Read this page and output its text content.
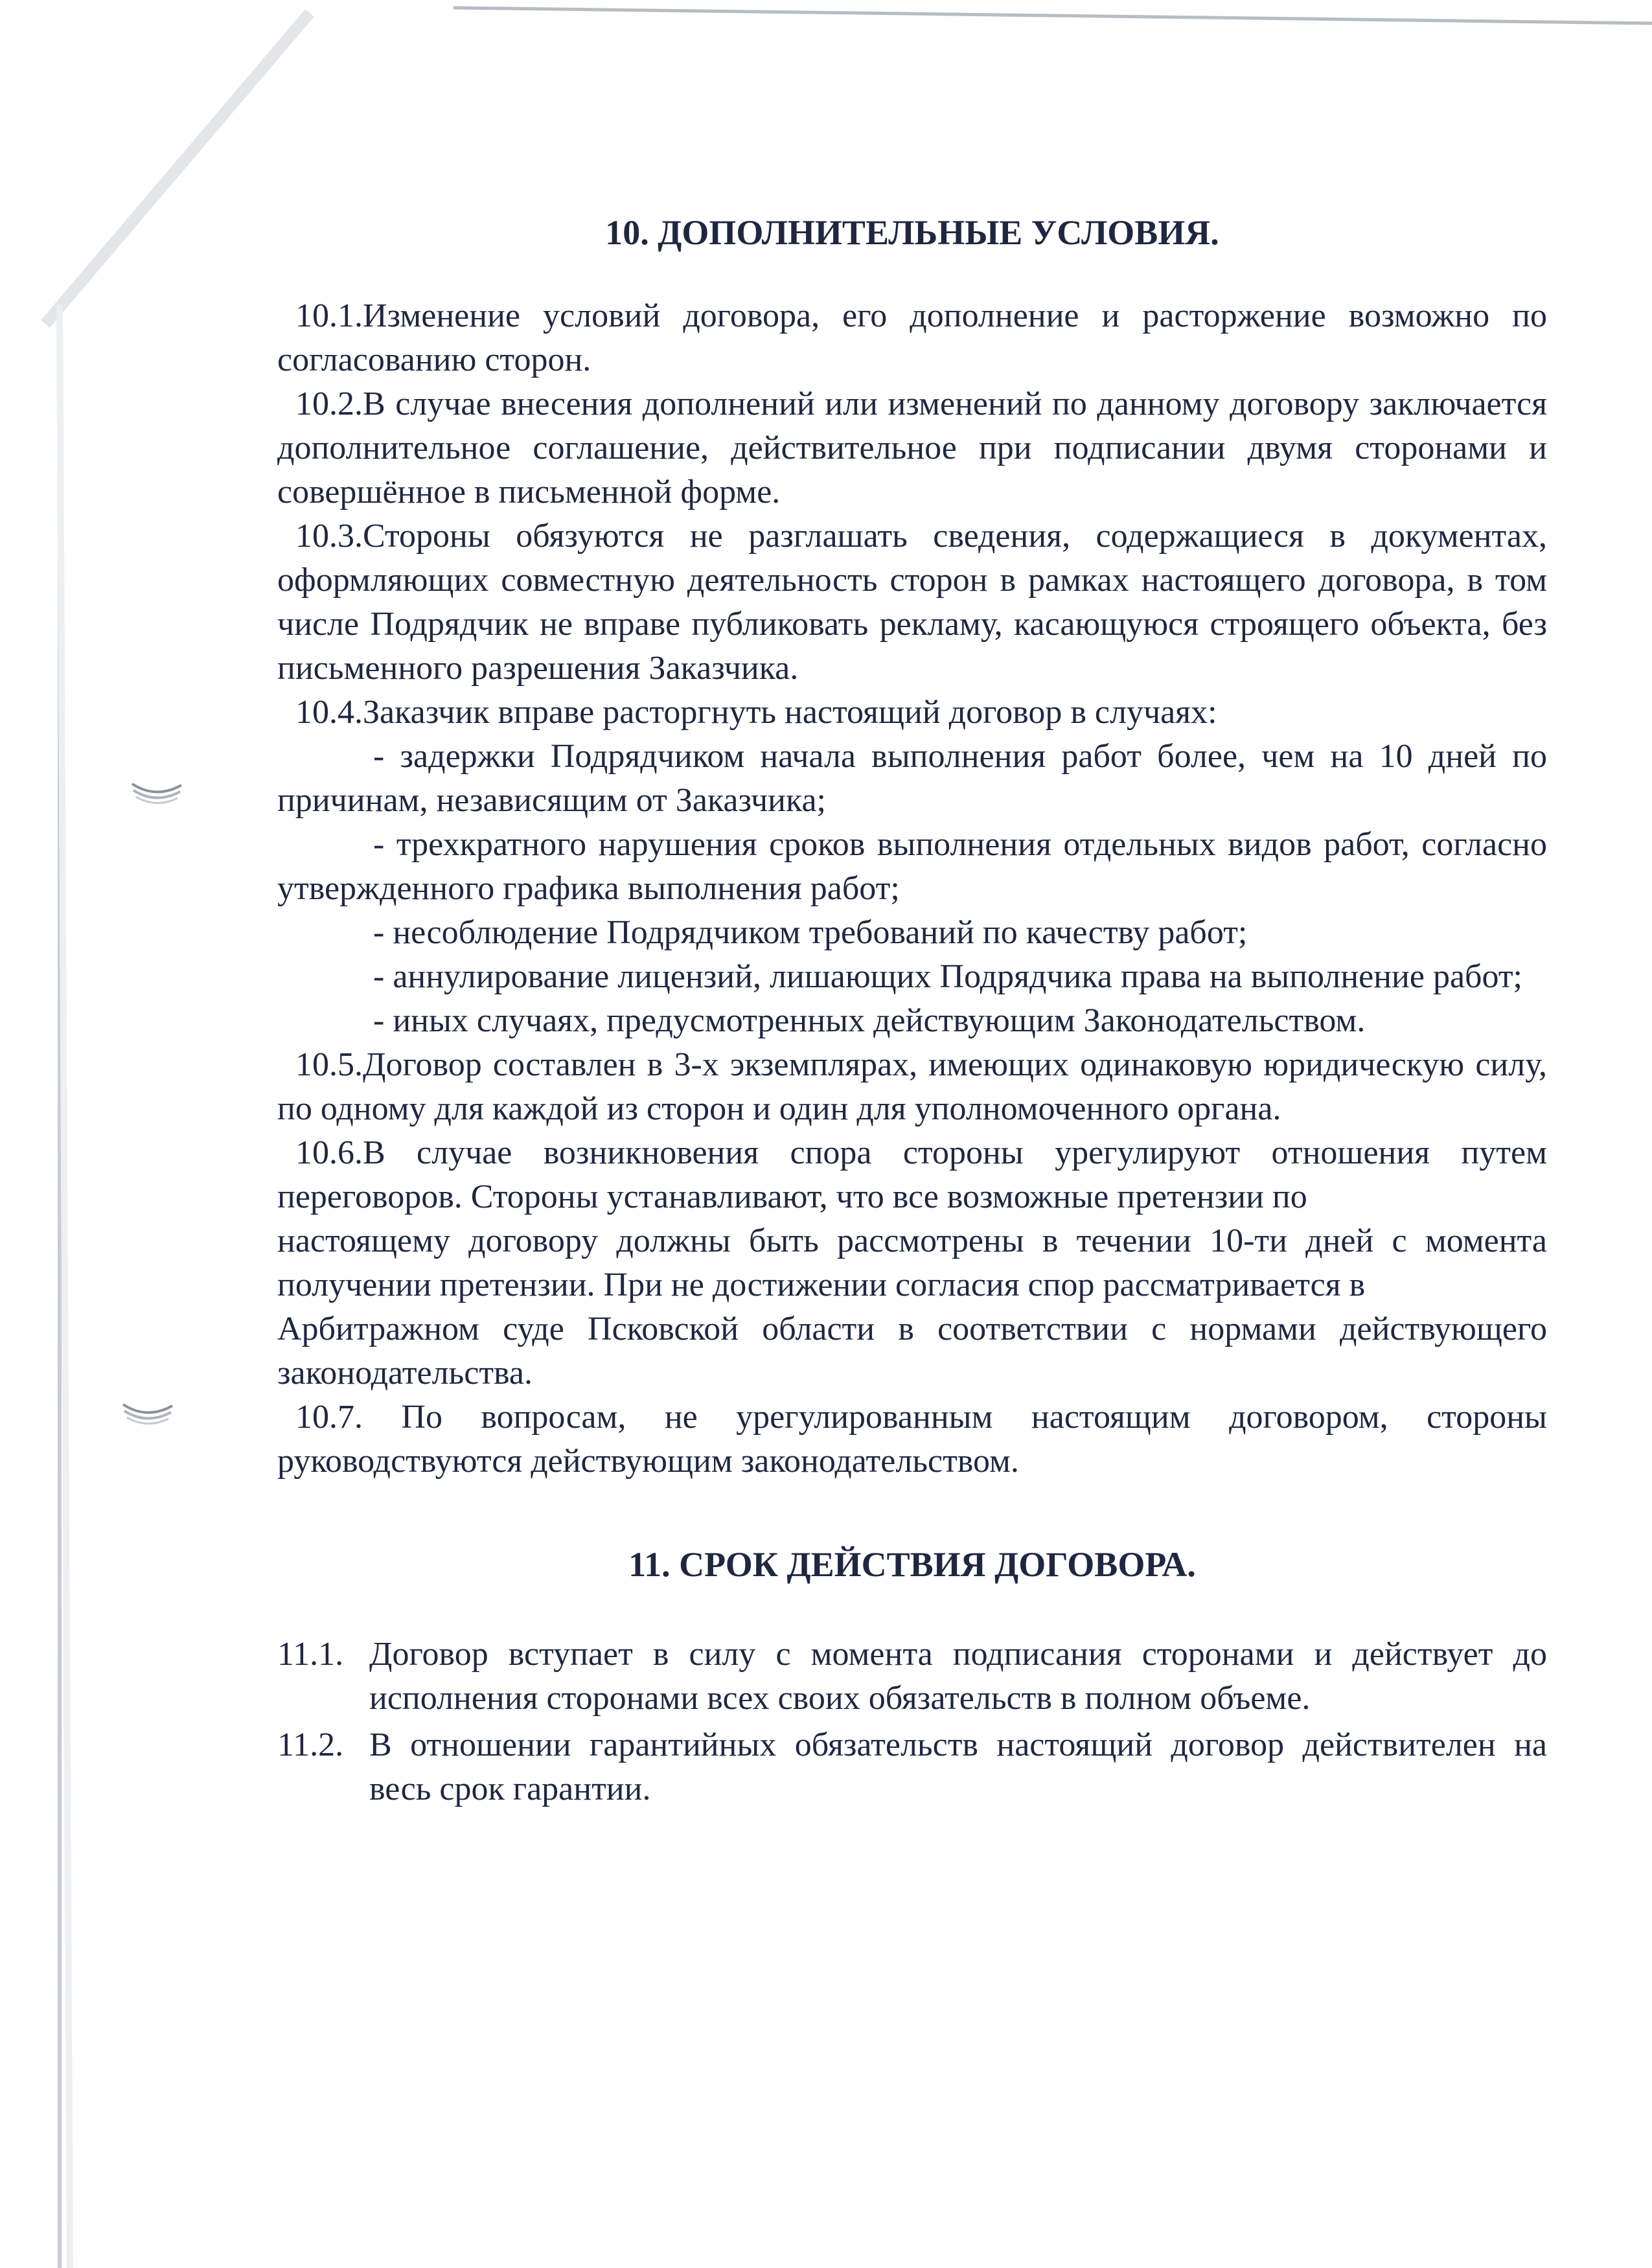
10. ДОПОЛНИТЕЛЬНЫЕ УСЛОВИЯ.

10.1.Изменение условий договора, его дополнение и расторжение возможно по согласованию сторон.

10.2.В случае внесения дополнений или изменений по данному договору заключается дополнительное соглашение, действительное при подписании двумя сторонами и совершённое в письменной форме.

10.3.Стороны обязуются не разглашать сведения, содержащиеся в документах, оформляющих совместную деятельность сторон в рамках настоящего договора, в том числе Подрядчик не вправе публиковать рекламу, касающуюся строящего объекта, без письменного разрешения Заказчика.

10.4.Заказчик вправе расторгнуть настоящий договор в случаях:

- задержки Подрядчиком начала выполнения работ более, чем на 10 дней по причинам, независящим от Заказчика;

- трехкратного нарушения сроков выполнения отдельных видов работ, согласно утвержденного графика выполнения работ;

- несоблюдение Подрядчиком требований по качеству работ;

- аннулирование лицензий, лишающих Подрядчика права на выполнение работ;

- иных случаях, предусмотренных действующим Законодательством.

10.5.Договор составлен в 3-х экземплярах, имеющих одинаковую юридическую силу, по одному для каждой из сторон и один для уполномоченного органа.

10.6.В случае возникновения спора стороны урегулируют отношения путем переговоров. Стороны устанавливают, что все возможные претензии по

настоящему договору должны быть рассмотрены в течении 10-ти дней с момента получении претензии. При не достижении согласия спор рассматривается в

Арбитражном суде Псковской области в соответствии с нормами действующего законодательства.

10.7. По вопросам, не урегулированным настоящим договором, стороны руководствуются действующим законодательством.

11. СРОК ДЕЙСТВИЯ ДОГОВОРА.
11.1. Договор вступает в силу с момента подписания сторонами и действует до исполнения сторонами всех своих обязательств в полном объеме.
11.2. В отношении гарантийных обязательств настоящий договор действителен на весь срок гарантии.
